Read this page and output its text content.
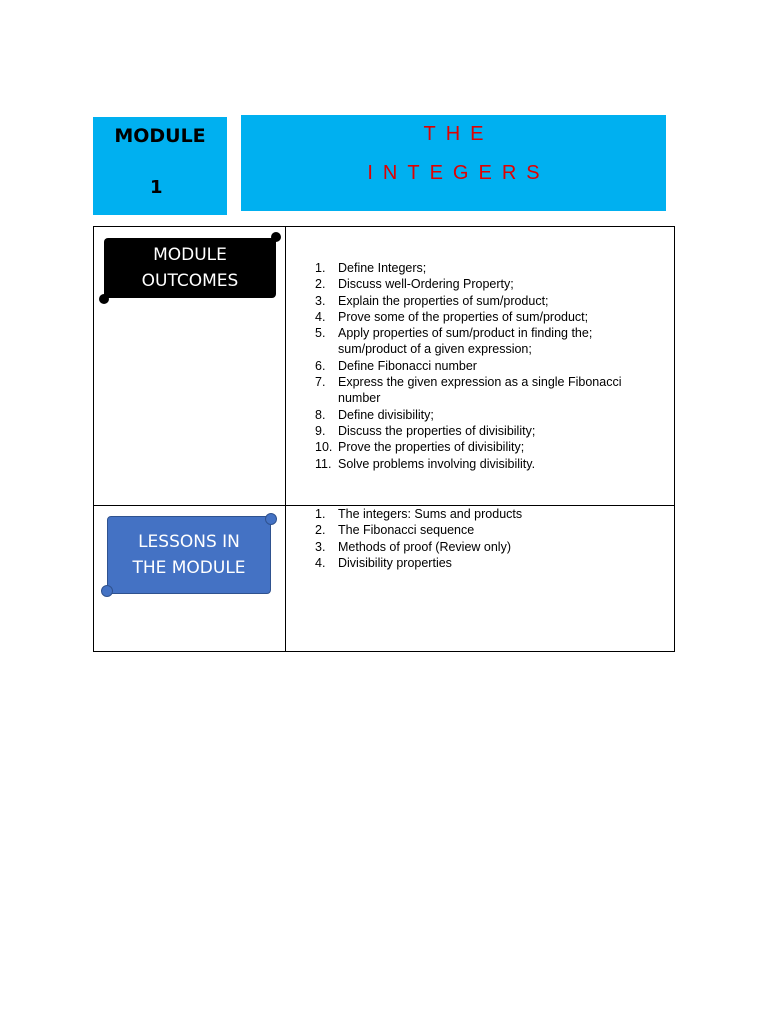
MODULE
1
THE
INTEGERS
MODULE
OUTCOMES
1. Define Integers;
2. Discuss well-Ordering Property;
3. Explain the properties of sum/product;
4. Prove some of the properties of sum/product;
5. Apply properties of sum/product in finding the; sum/product of a given expression;
6. Define Fibonacci number
7. Express the given expression as a single Fibonacci number
8. Define divisibility;
9. Discuss the properties of divisibility;
10. Prove the properties of divisibility;
11. Solve problems involving divisibility.
LESSONS IN
THE MODULE
1. The integers: Sums and products
2. The Fibonacci sequence
3. Methods of proof (Review only)
4. Divisibility properties
